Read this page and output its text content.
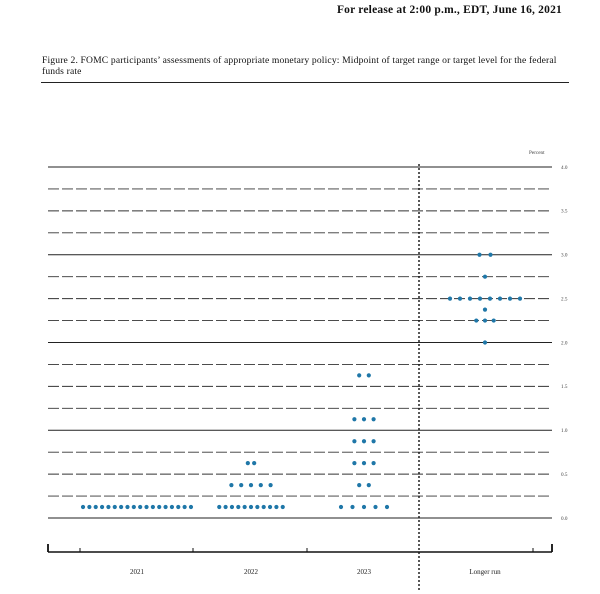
For release at 2:00 p.m., EDT, June 16, 2021
Figure 2. FOMC participants’ assessments of appropriate monetary policy: Midpoint of target range or target level for the federal funds rate
0.0
0.5
1.0
1.5
2.0
2.5
3.0
3.5
4.0
2021	2022	2023	Longer run
Percent
